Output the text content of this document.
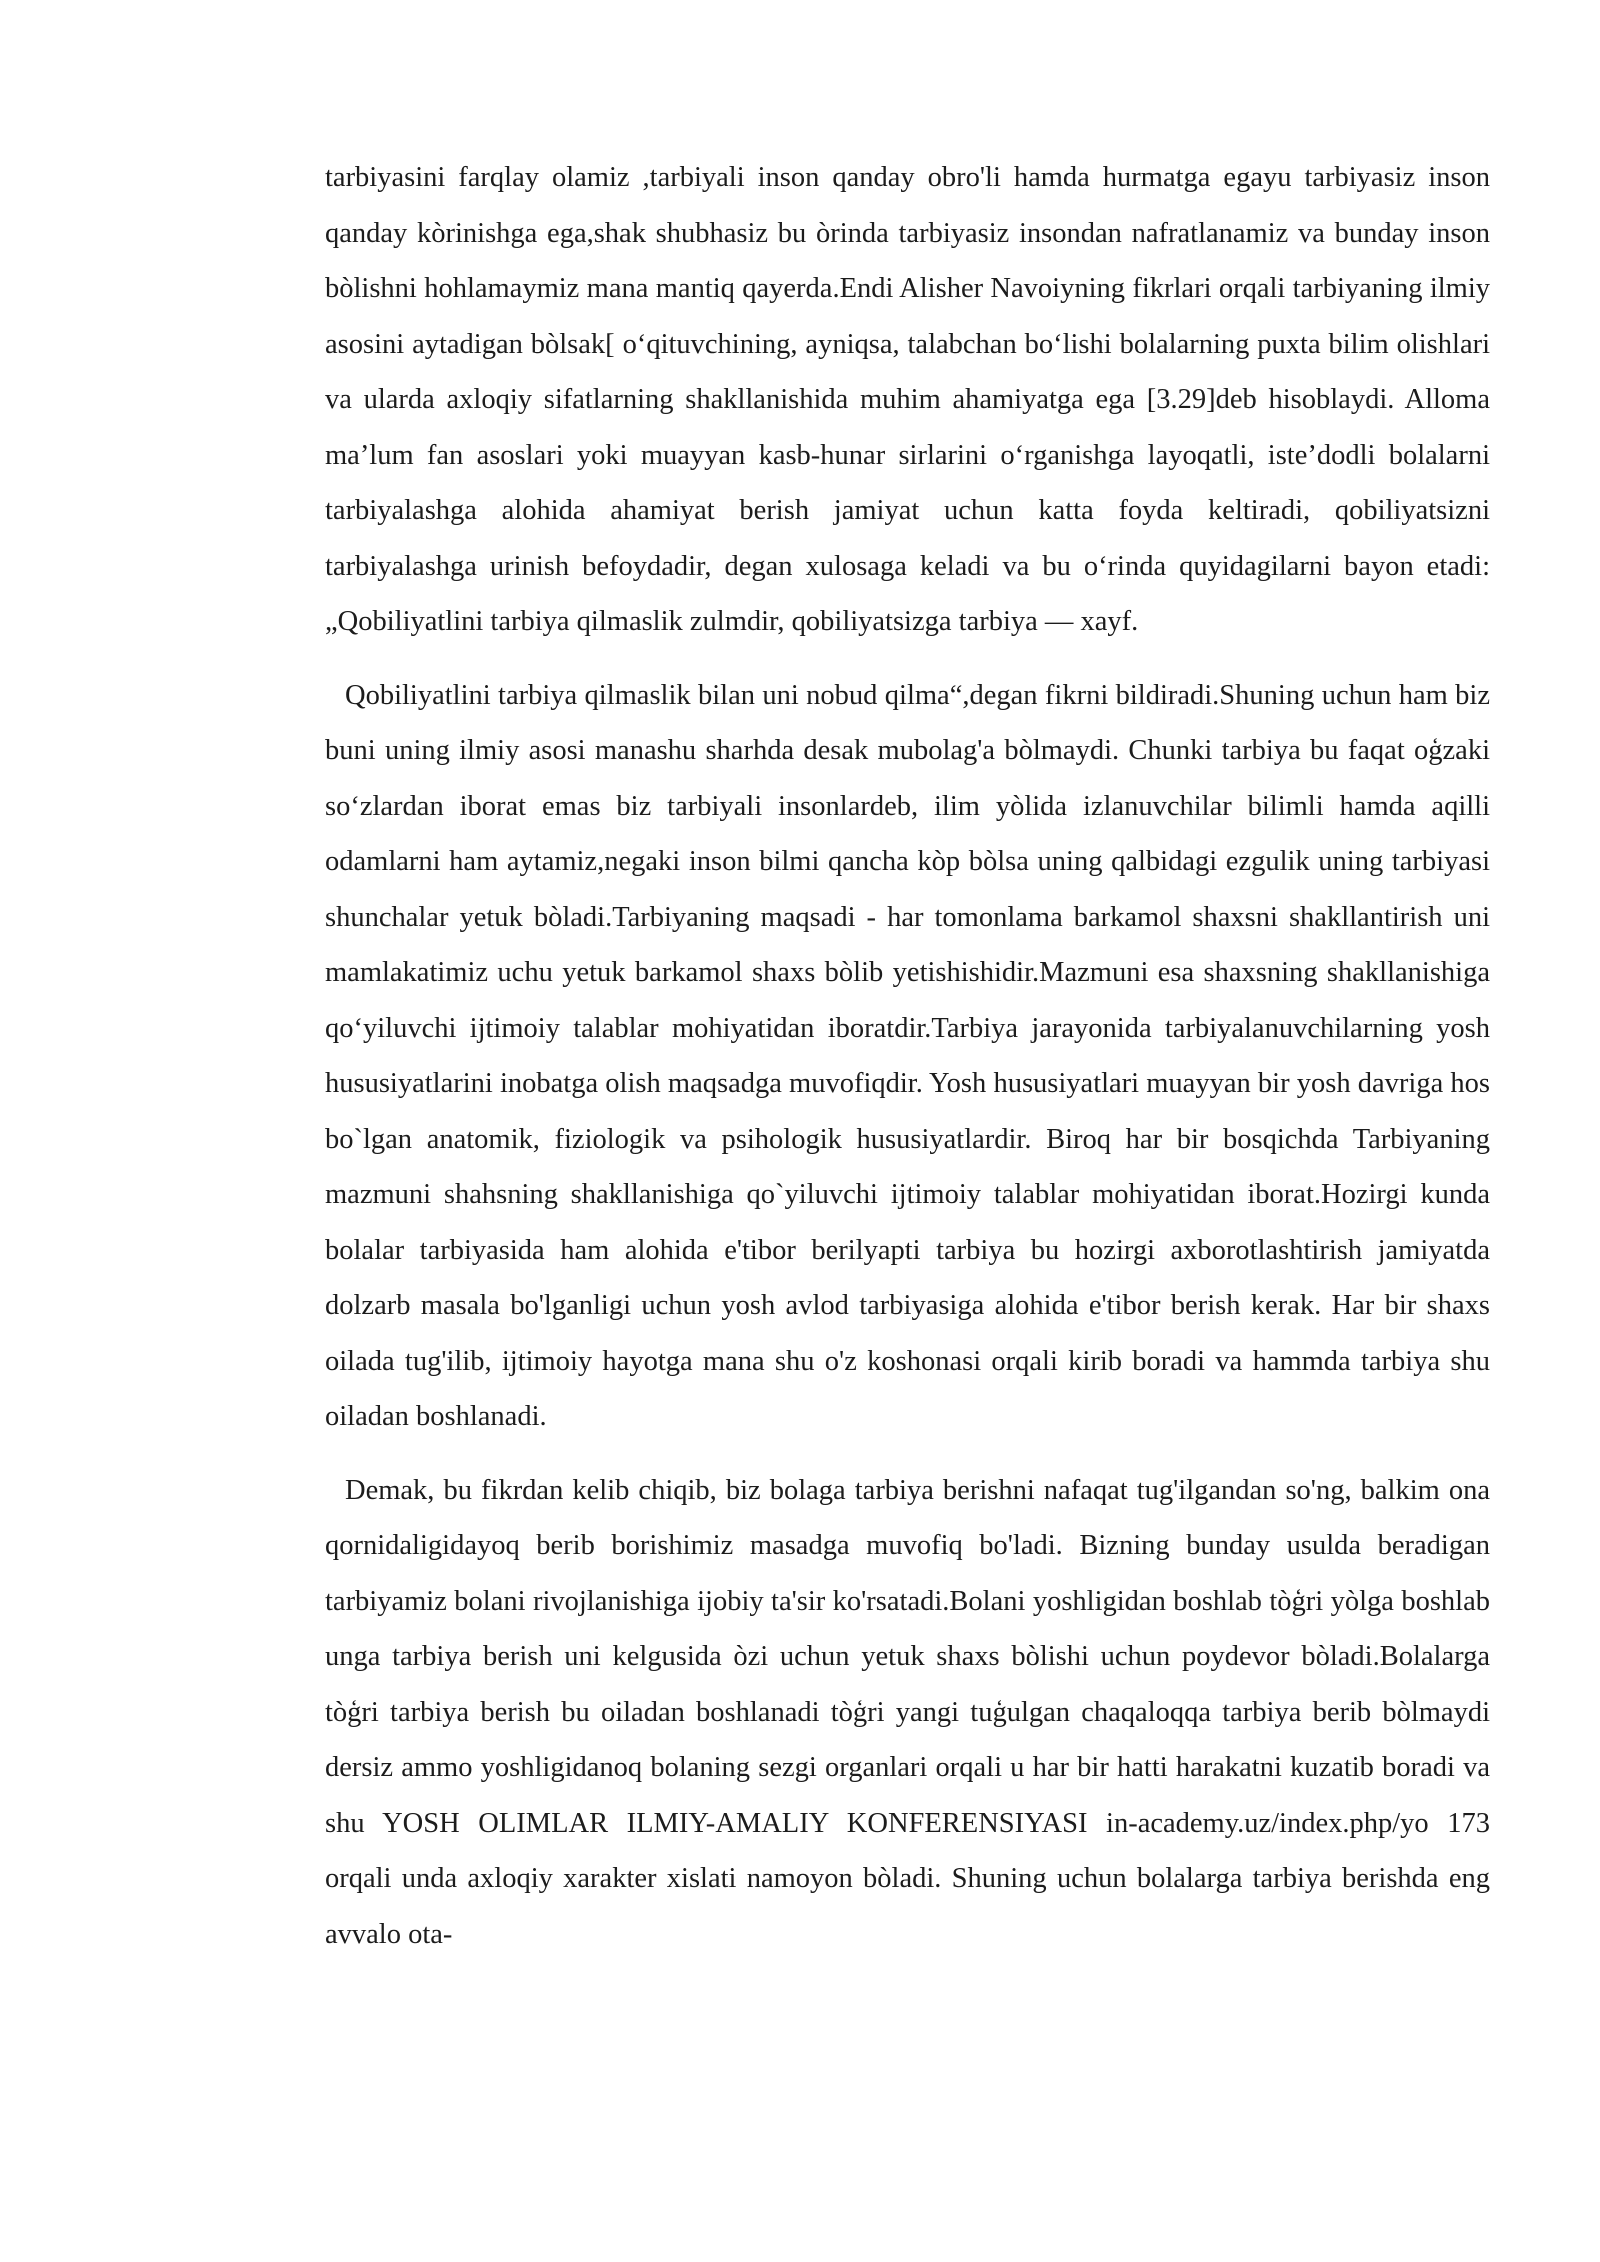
tarbiyasini farqlay olamiz ,tarbiyali inson qanday obro'li hamda hurmatga egayu tarbiyasiz inson qanday kòrinishga ega,shak shubhasiz bu òrinda tarbiyasiz insondan nafratlanamiz va bunday inson bòlishni hohlamaymiz mana mantiq qayerda.Endi Alisher Navoiyning fikrlari orqali tarbiyaning ilmiy asosini aytadigan bòlsak[ o‘qituvchining, ayniqsa, talabchan bo‘lishi bolalarning puxta bilim olishlari va ularda axloqiy sifatlarning shakllanishida muhim ahamiyatga ega [3.29]deb hisoblaydi. Alloma ma’lum fan asoslari yoki muayyan kasb-hunar sirlarini o‘rganishga layoqatli, iste’dodli bolalarni tarbiyalashga alohida ahamiyat berish jamiyat uchun katta foyda keltiradi, qobiliyatsizni tarbiyalashga urinish befoydadir, degan xulosaga keladi va bu o‘rinda quyidagilarni bayon etadi: „Qobiliyatlini tarbiya qilmaslik zulmdir, qobiliyatsizga tarbiya — xayf.

Qobiliyatlini tarbiya qilmaslik bilan uni nobud qilma“,degan fikrni bildiradi.Shuning uchun ham biz buni uning ilmiy asosi manashu sharhda desak mubolag'a bòlmaydi. Chunki tarbiya bu faqat oģzaki so‘zlardan iborat emas biz tarbiyali insonlardeb, ilim yòlida izlanuvchilar bilimli hamda aqilli odamlarni ham aytamiz,negaki inson bilmi qancha kòp bòlsa uning qalbidagi ezgulik uning tarbiyasi shunchalar yetuk bòladi.Tarbiyaning maqsadi - har tomonlama barkamol shaxsni shakllantirish uni mamlakatimiz uchu yetuk barkamol shaxs bòlib yetishishidir.Mazmuni esa shaxsning shakllanishiga qo‘yiluvchi ijtimoiy talablar mohiyatidan iboratdir.Tarbiya jarayonida tarbiyalanuvchilarning yosh hususiyatlarini inobatga olish maqsadga muvofiqdir. Yosh hususiyatlari muayyan bir yosh davriga hos bo`lgan anatomik, fiziologik va psihologik hususiyatlardir. Biroq har bir bosqichda Tarbiyaning mazmuni shahsning shakllanishiga qo`yiluvchi ijtimoiy talablar mohiyatidan iborat.Hozirgi kunda bolalar tarbiyasida ham alohida e'tibor berilyapti tarbiya bu hozirgi axborotlashtirish jamiyatda dolzarb masala bo'lganligi uchun yosh avlod tarbiyasiga alohida e'tibor berish kerak. Har bir shaxs oilada tug'ilib, ijtimoiy hayotga mana shu o'z koshonasi orqali kirib boradi va hammda tarbiya shu oiladan boshlanadi.

Demak, bu fikrdan kelib chiqib, biz bolaga tarbiya berishni nafaqat tug'ilgandan so'ng, balkim ona qornidaligidayoq berib borishimiz masadga muvofiq bo'ladi. Bizning bunday usulda beradigan tarbiyamiz bolani rivojlanishiga ijobiy ta'sir ko'rsatadi.Bolani yoshligidan boshlab tòģri yòlga boshlab unga tarbiya berish uni kelgusida òzi uchun yetuk shaxs bòlishi uchun poydevor bòladi.Bolalarga tòģri tarbiya berish bu oiladan boshlanadi tòģri yangi tuģulgan chaqaloqqa tarbiya berib bòlmaydi dersiz ammo yoshligidanoq bolaning sezgi organlari orqali u har bir hatti harakatni kuzatib boradi va shu YOSH OLIMLAR ILMIY-AMALIY KONFERENSIYASI in-academy.uz/index.php/yo 173 orqali unda axloqiy xarakter xislati namoyon bòladi. Shuning uchun bolalarga tarbiya berishda eng avvalo ota-
